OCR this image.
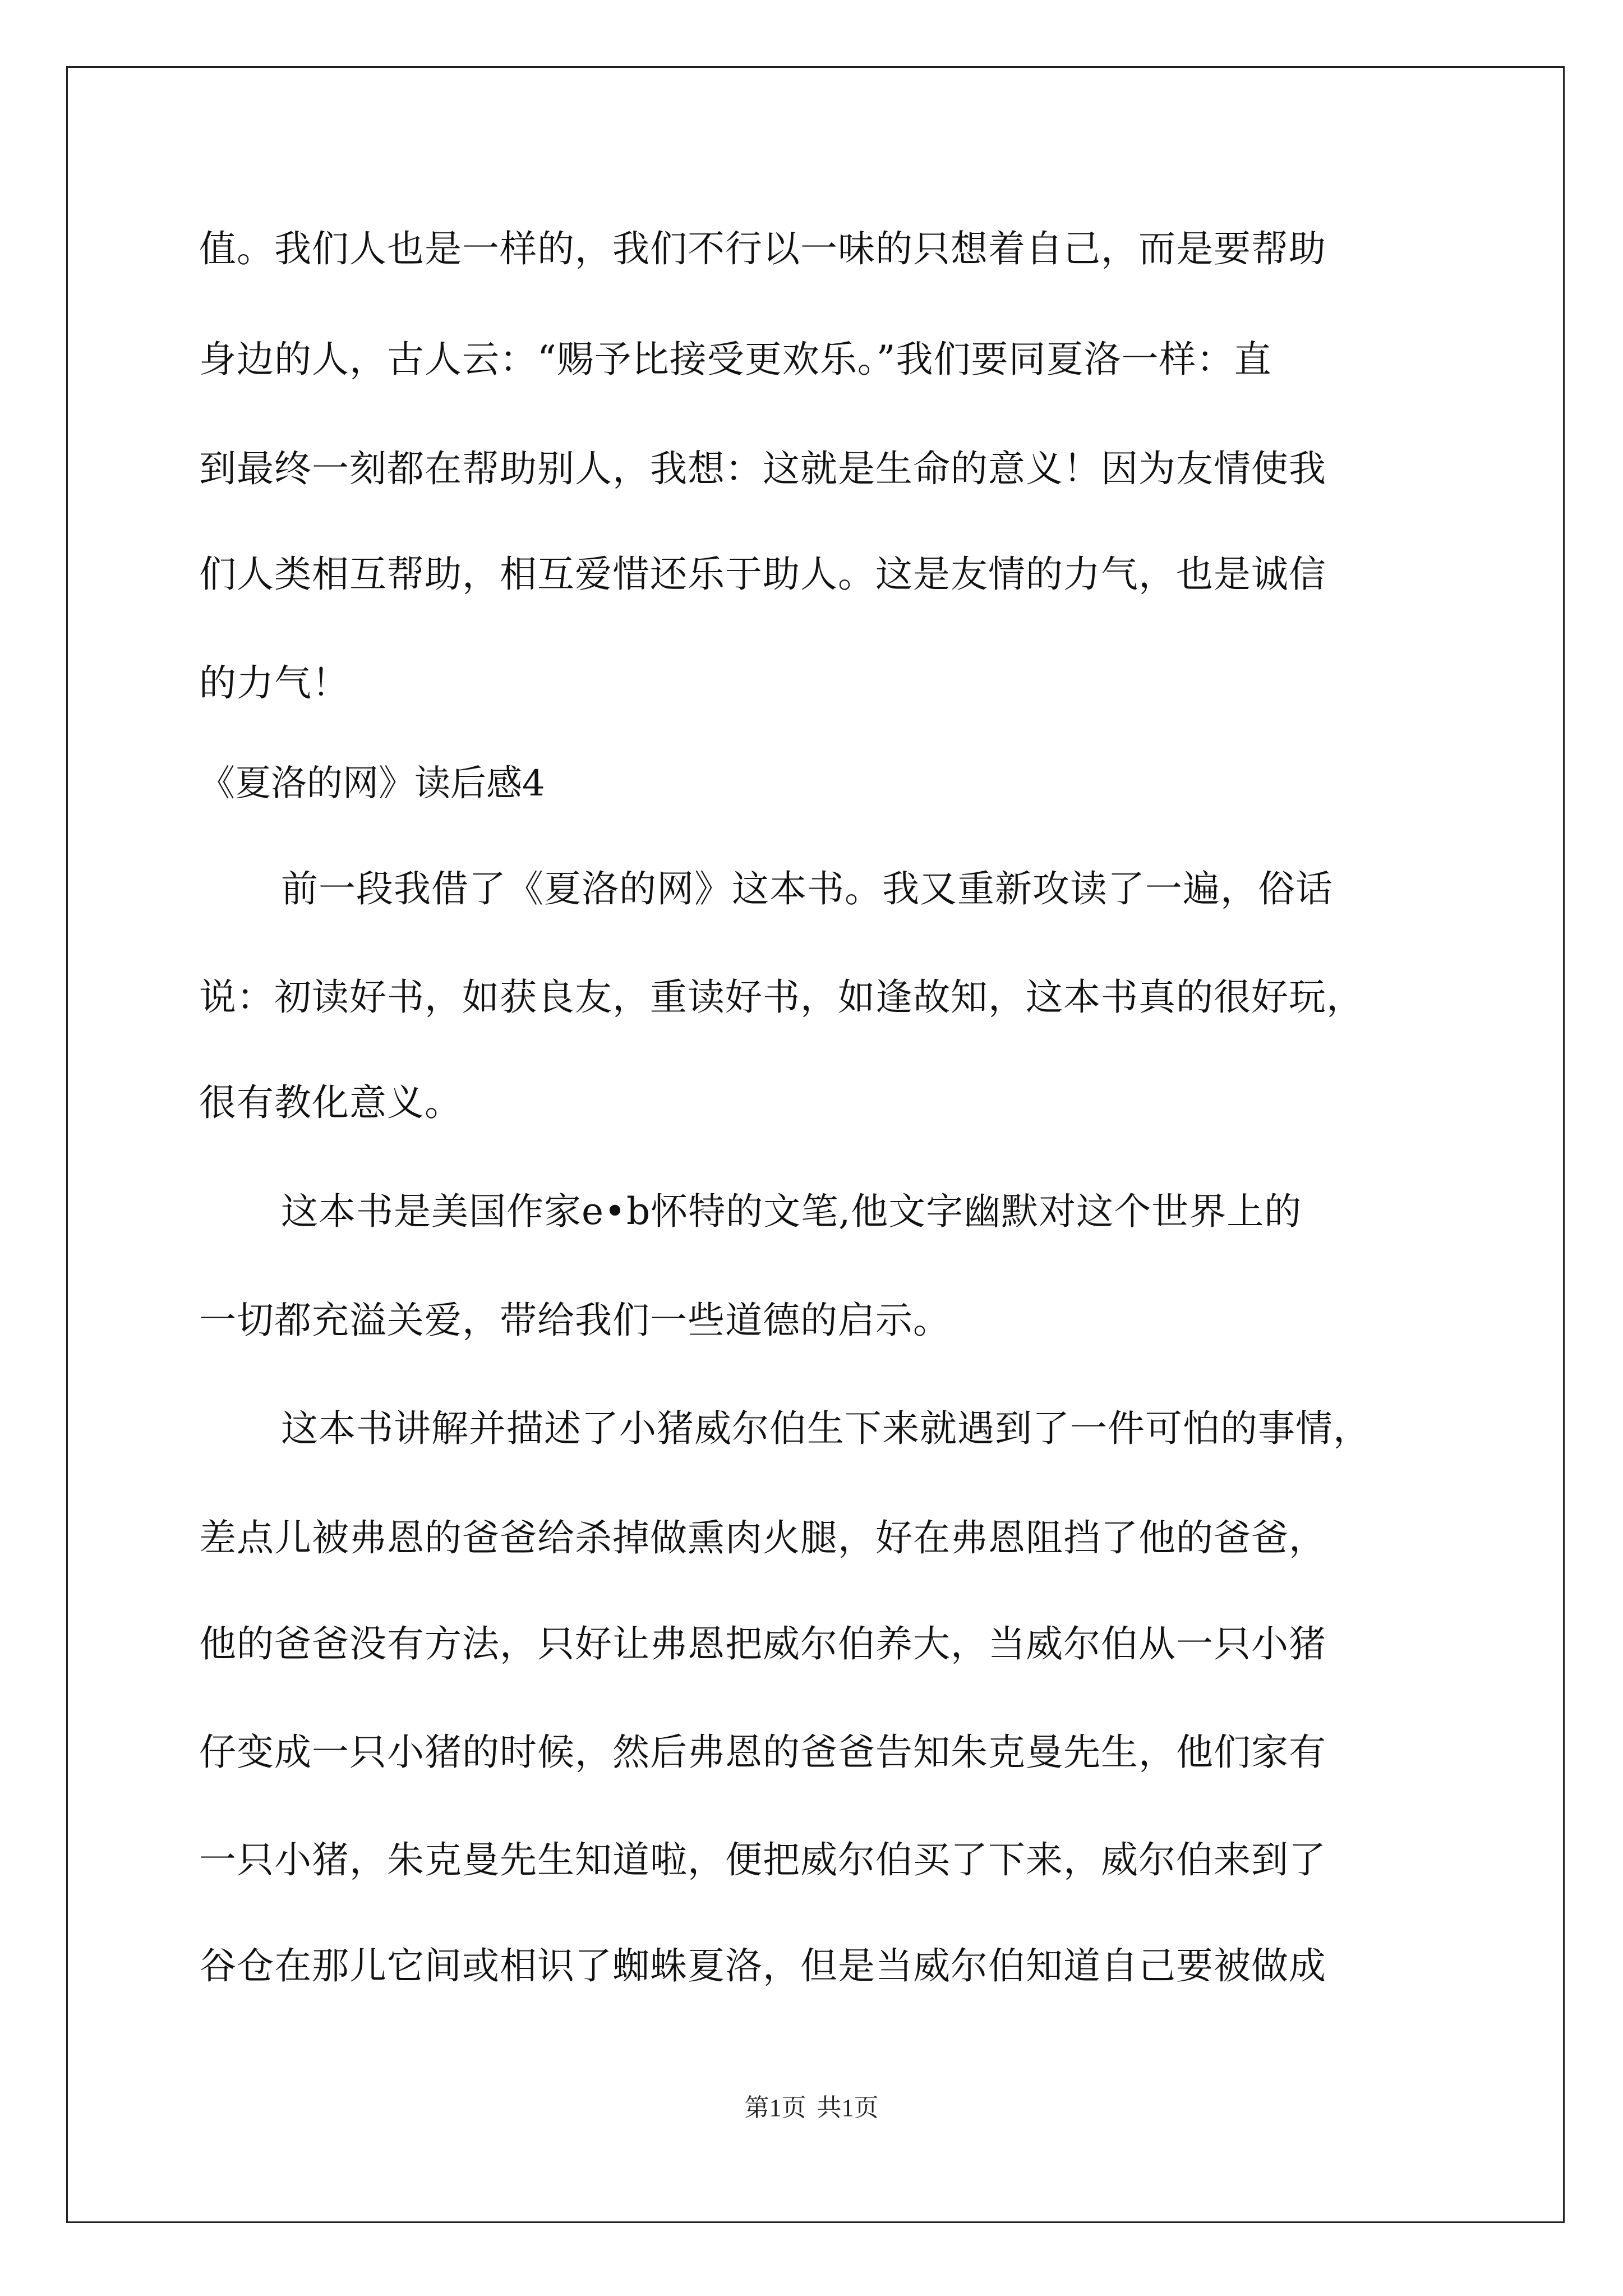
值。我们人也是一样的，我们不行以一味的只想着自己，而是要帮助
身边的人，古人云：“赐予比接受更欢乐。”我们要同夏洛一样：直
到最终一刻都在帮助别人，我想：这就是生命的意义！因为友情使我
们人类相互帮助，相互爱惜还乐于助人。这是友情的力气，也是诚信
的力气！
《夏洛的网》读后感4
前一段我借了《夏洛的网》这本书。我又重新攻读了一遍，俗话
说：初读好书，如获良友，重读好书，如逢故知，这本书真的很好玩，
很有教化意义。
这本书是美国作家e•b怀特的文笔,他文字幽默对这个世界上的
一切都充溢关爱，带给我们一些道德的启示。
这本书讲解并描述了小猪威尔伯生下来就遇到了一件可怕的事情，
差点儿被弗恩的爸爸给杀掉做熏肉火腿，好在弗恩阻挡了他的爸爸，
他的爸爸没有方法，只好让弗恩把威尔伯养大，当威尔伯从一只小猪
仔变成一只小猪的时候，然后弗恩的爸爸告知朱克曼先生，他们家有
一只小猪，朱克曼先生知道啦，便把威尔伯买了下来，威尔伯来到了
谷仓在那儿它间或相识了蜘蛛夏洛，但是当威尔伯知道自己要被做成
第1页 共1页
